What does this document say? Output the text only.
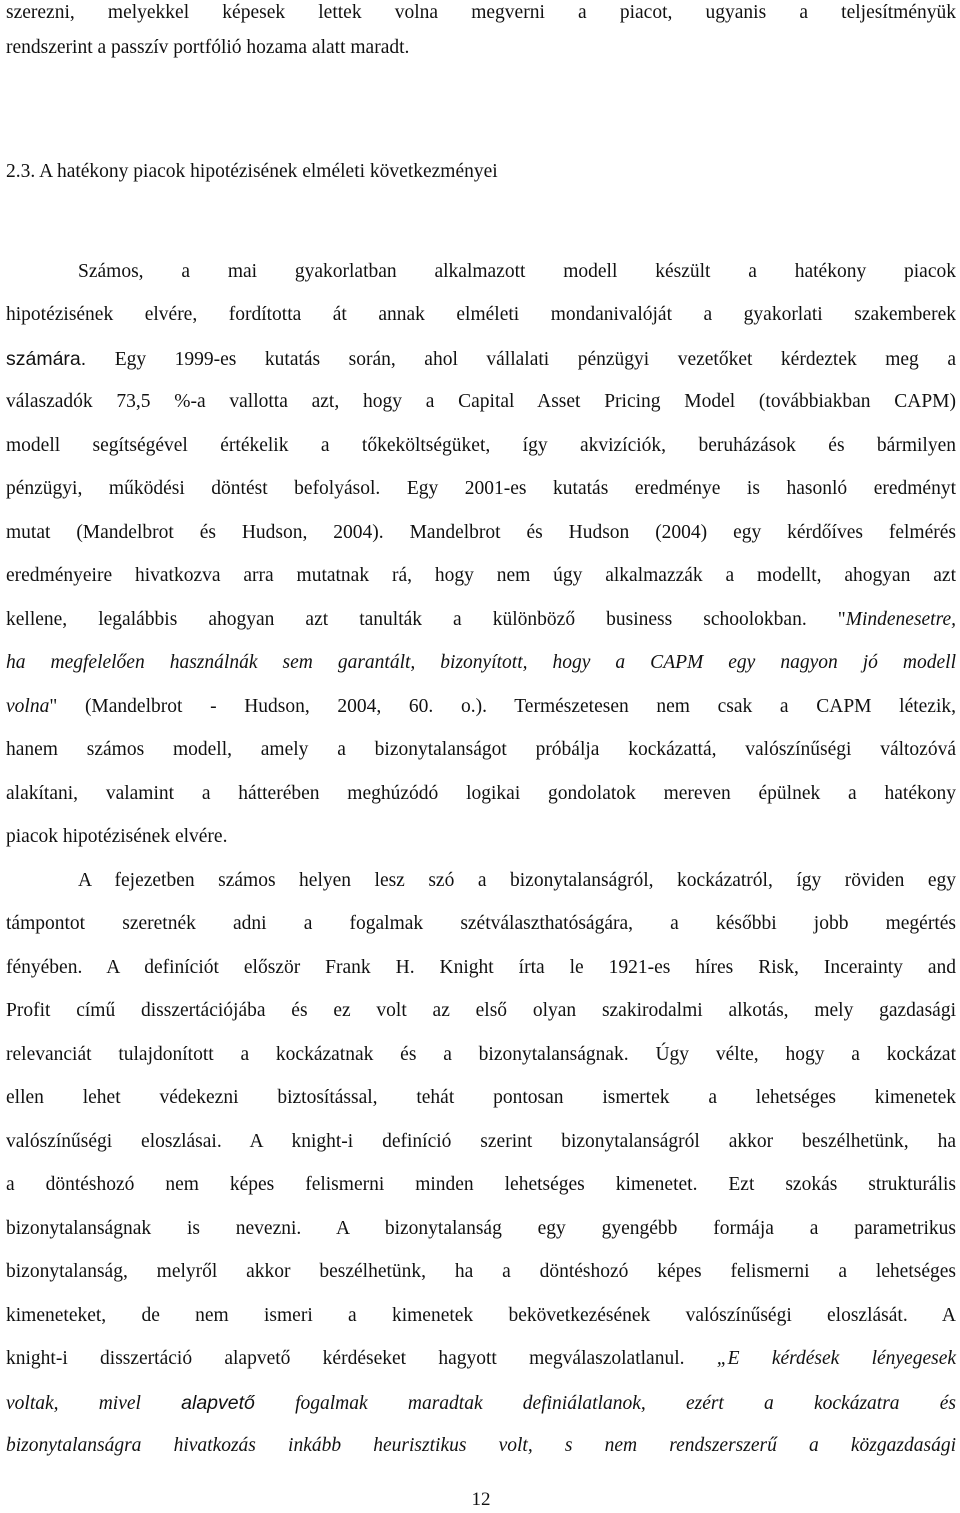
szerezni, melyekkel képesek lettek volna megverni a piacot, ugyanis a teljesítményük
rendszerint a passzív portfólió hozama alatt maradt.
2.3. A hatékony piacok hipotézisének elméleti következményei
Számos, a mai gyakorlatban alkalmazott modell készült a hatékony piacok
hipotézisének elvére, fordította át annak elméleti mondanivalóját a gyakorlati szakemberek
számára. Egy 1999-es kutatás során, ahol vállalati pénzügyi vezetőket kérdeztek meg a
válaszadók 73,5 %-a vallotta azt, hogy a Capital Asset Pricing Model (továbbiakban CAPM)
modell segítségével értékelik a tőkeköltségüket, így akvizíciók, beruházások és bármilyen
pénzügyi, működési döntést befolyásol. Egy 2001-es kutatás eredménye is hasonló eredményt
mutat (Mandelbrot és Hudson, 2004). Mandelbrot és Hudson (2004) egy kérdőíves felmérés
eredményeire hivatkozva arra mutatnak rá, hogy nem úgy alkalmazzák a modellt, ahogyan azt
kellene, legalábbis ahogyan azt tanulták a különböző business schoolokban. "Mindenesetre,
ha megfelelően használnák sem garantált, bizonyított, hogy a CAPM egy nagyon jó modell
volna" (Mandelbrot - Hudson, 2004, 60. o.). Természetesen nem csak a CAPM létezik,
hanem számos modell, amely a bizonytalanságot próbálja kockázattá, valószínűségi változóvá
alakítani, valamint a hátterében meghúzódó logikai gondolatok mereven épülnek a hatékony
piacok hipotézisének elvére.
A fejezetben számos helyen lesz szó a bizonytalanságról, kockázatról, így röviden egy
támpontot szeretnék adni a fogalmak szétválaszthatóságára, a későbbi jobb megértés
fényében. A definíciót először Frank H. Knight írta le 1921-es híres Risk, Incerainty and
Profit című disszertációjába és ez volt az első olyan szakirodalmi alkotás, mely gazdasági
relevanciát tulajdonított a kockázatnak és a bizonytalanságnak. Úgy vélte, hogy a kockázat
ellen lehet védekezni biztosítással, tehát pontosan ismertek a lehetséges kimenetek
valószínűségi eloszlásai. A knight-i definíció szerint bizonytalanságról akkor beszélhetünk, ha
a döntéshozó nem képes felismerni minden lehetséges kimenetet. Ezt szokás strukturális
bizonytalanságnak is nevezni. A bizonytalanság egy gyengébb formája a parametrikus
bizonytalanság, melyről akkor beszélhetünk, ha a döntéshozó képes felismerni a lehetséges
kimeneteket, de nem ismeri a kimenetek bekövetkezésének valószínűségi eloszlását. A
knight-i disszertáció alapvető kérdéseket hagyott megválaszolatlanul. „E kérdések lényegesek
voltak, mivel alapvető fogalmak maradtak definiálatlanok, ezért a kockázatra és
bizonytalanságra hivatkozás inkább heurisztikus volt, s nem rendszerszerű a közgazdasági
12
